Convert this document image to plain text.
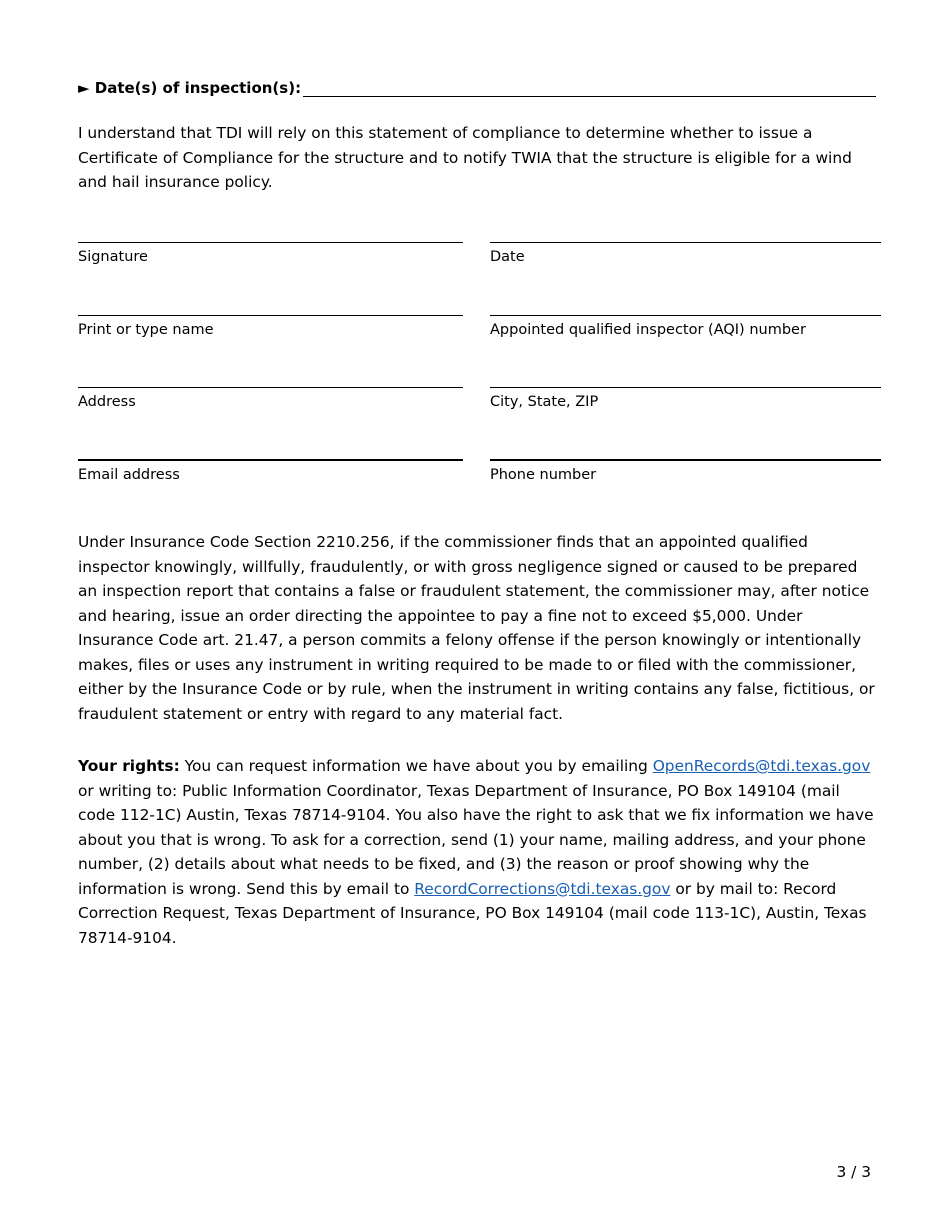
► Date(s) of inspection(s):

I understand that TDI will rely on this statement of compliance to determine whether to issue a Certificate of Compliance for the structure and to notify TWIA that the structure is eligible for a wind and hail insurance policy.

Signature	Date
Print or type name	Appointed qualified inspector (AQI) number
Address	City, State, ZIP
Email address	Phone number

Under Insurance Code Section 2210.256, if the commissioner finds that an appointed qualified inspector knowingly, willfully, fraudulently, or with gross negligence signed or caused to be prepared an inspection report that contains a false or fraudulent statement, the commissioner may, after notice and hearing, issue an order directing the appointee to pay a fine not to exceed $5,000. Under Insurance Code art. 21.47, a person commits a felony offense if the person knowingly or intentionally makes, files or uses any instrument in writing required to be made to or filed with the commissioner, either by the Insurance Code or by rule, when the instrument in writing contains any false, fictitious, or fraudulent statement or entry with regard to any material fact.

Your rights: You can request information we have about you by emailing OpenRecords@tdi.texas.gov or writing to: Public Information Coordinator, Texas Department of Insurance, PO Box 149104 (mail code 112-1C) Austin, Texas 78714-9104. You also have the right to ask that we fix information we have about you that is wrong. To ask for a correction, send (1) your name, mailing address, and your phone number, (2) details about what needs to be fixed, and (3) the reason or proof showing why the information is wrong. Send this by email to RecordCorrections@tdi.texas.gov or by mail to: Record Correction Request, Texas Department of Insurance, PO Box 149104 (mail code 113-1C), Austin, Texas 78714-9104.

3 / 3
